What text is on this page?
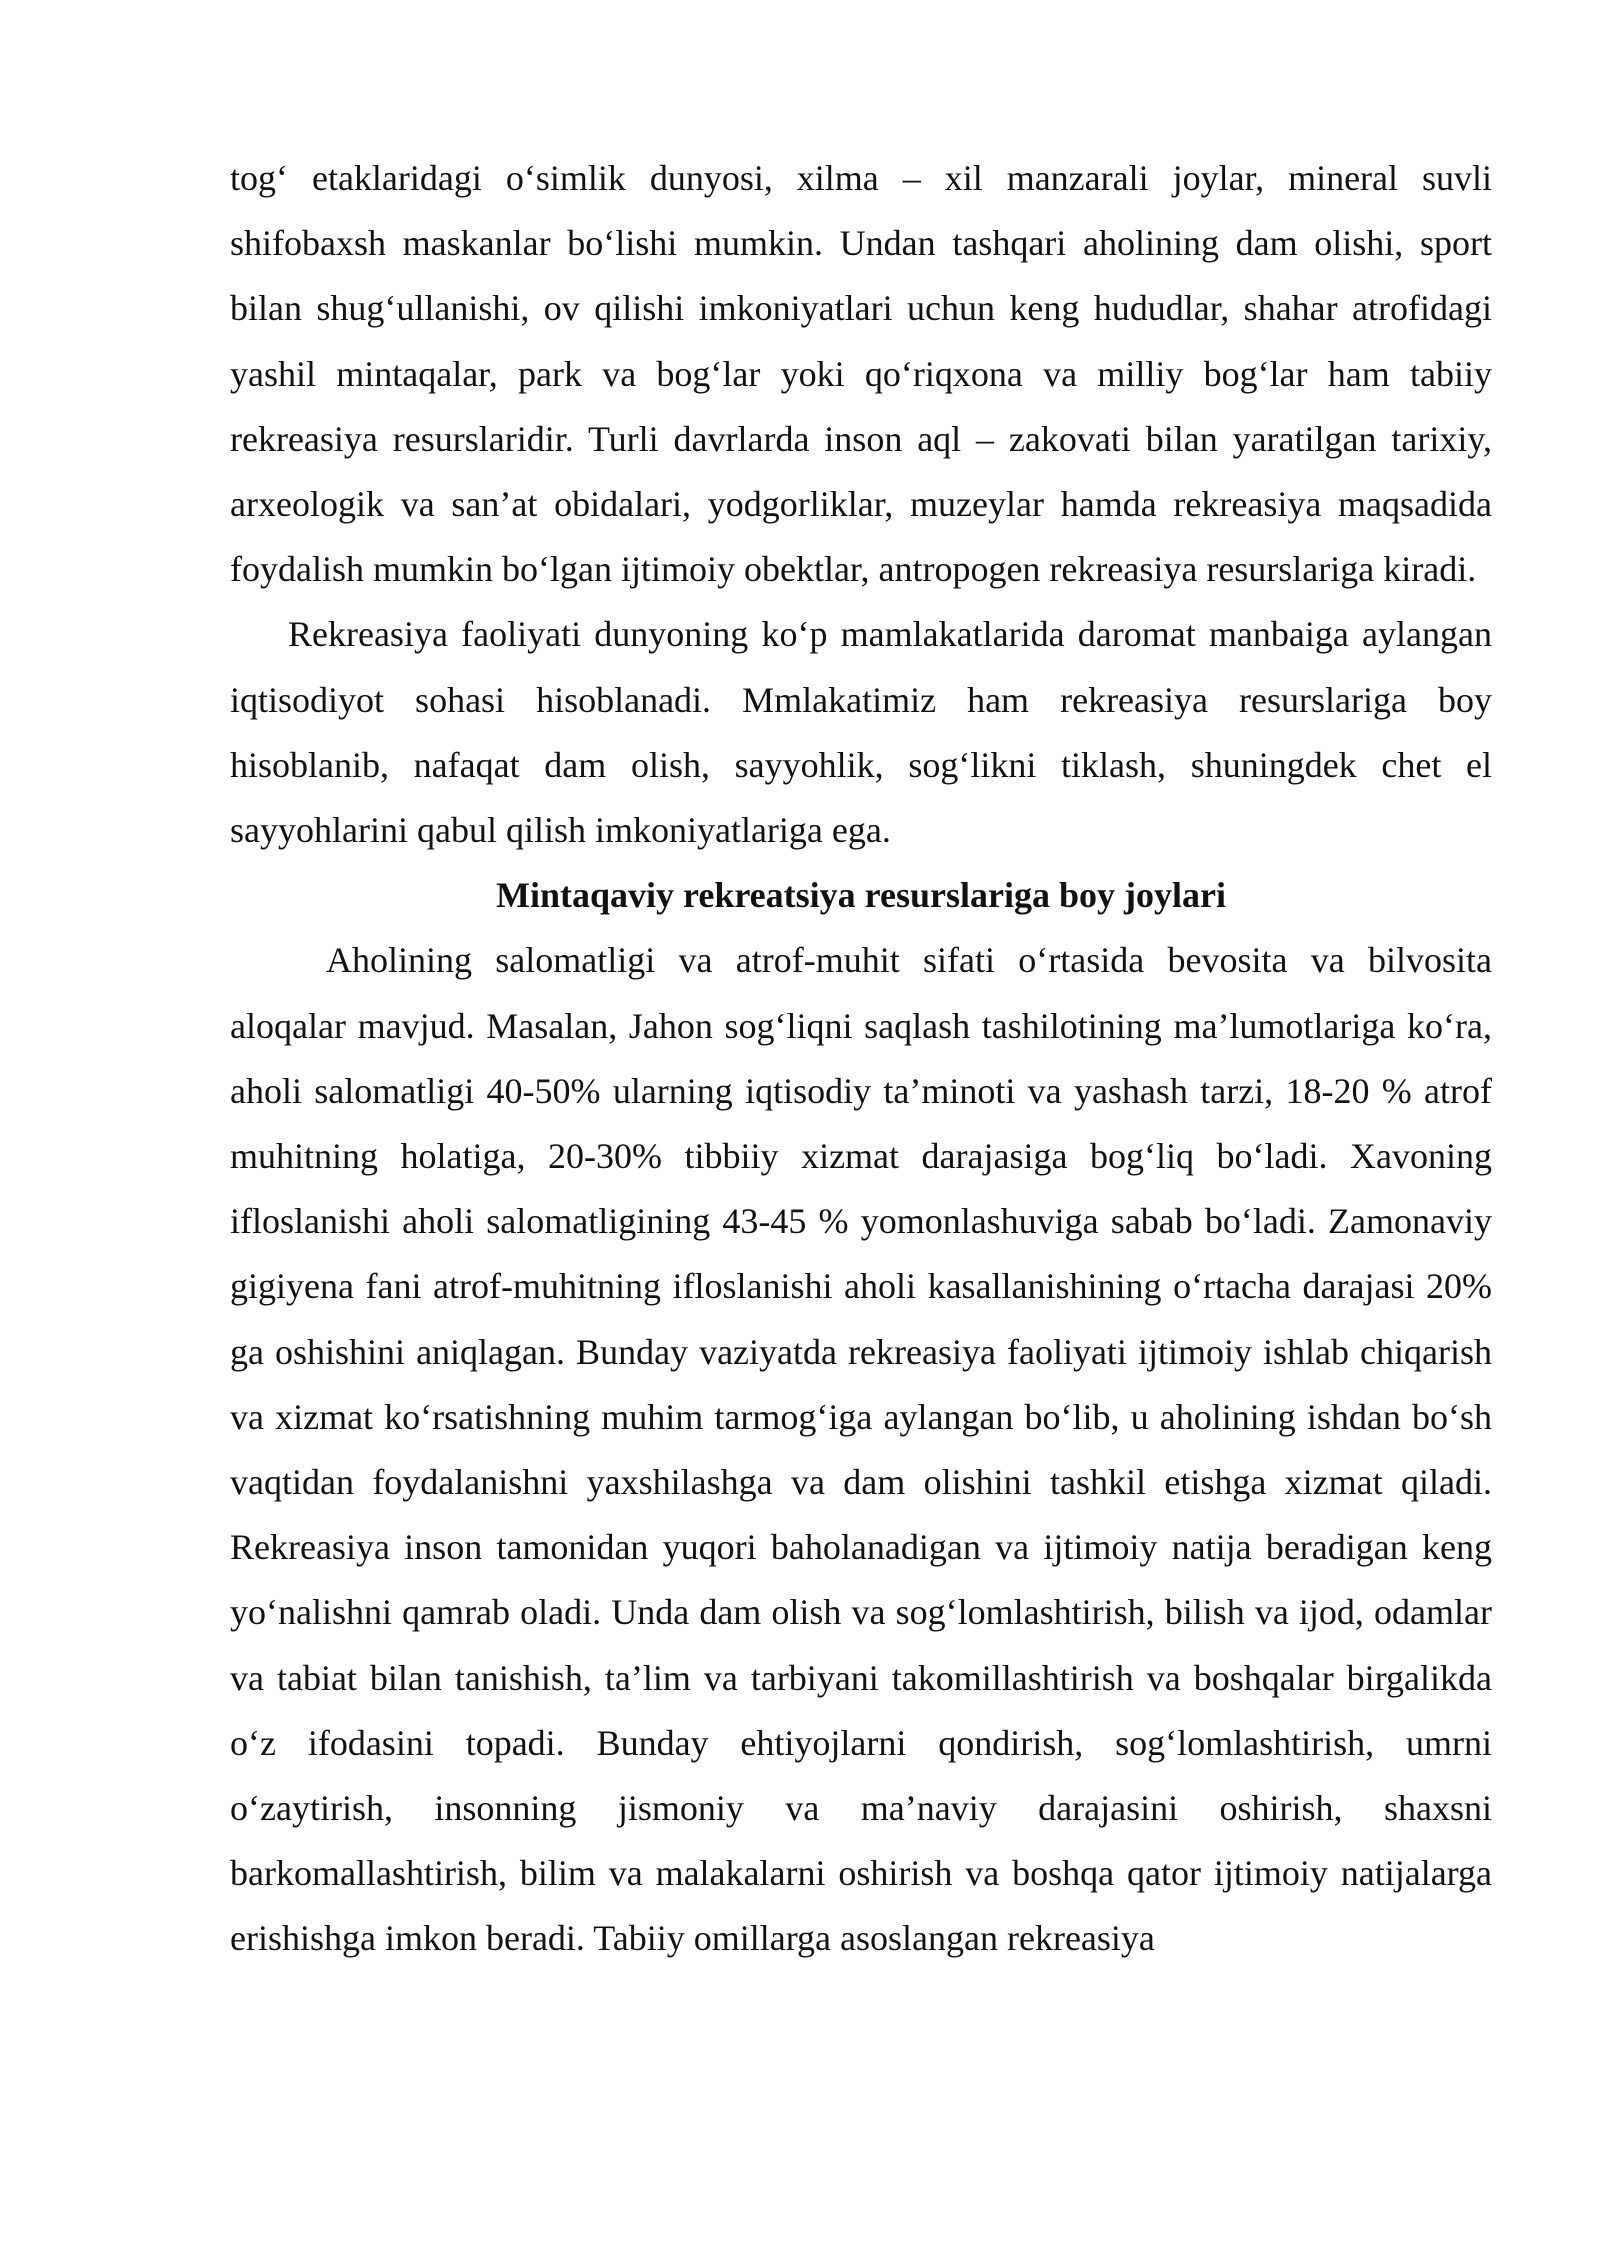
tog‘ etaklaridagi o‘simlik dunyosi, xilma – xil manzarali joylar, mineral suvli shifobaxsh maskanlar bo‘lishi mumkin. Undan tashqari aholining dam olishi, sport bilan shug‘ullanishi, ov qilishi imkoniyatlari uchun keng hududlar, shahar atrofidagi yashil mintaqalar, park va bog‘lar yoki qo‘riqxona va milliy bog‘lar ham tabiiy rekreasiya resurslaridir. Turli davrlarda inson aql – zakovati bilan yaratilgan tarixiy, arxeologik va san’at obidalari, yodgorliklar, muzeylar hamda rekreasiya maqsadida foydalish mumkin bo‘lgan ijtimoiy obektlar, antropogen rekreasiya resurslariga kiradi.

Rekreasiya faoliyati dunyoning ko‘p mamlakatlarida daromat manbaiga aylangan iqtisodiyot sohasi hisoblanadi. Mmlakatimiz ham rekreasiya resurslariga boy hisoblanib, nafaqat dam olish, sayyohlik, sog‘likni tiklash, shuningdek chet el sayyohlarini qabul qilish imkoniyatlariga ega.

Mintaqaviy rekreatsiya resurslariga boy joylari

Aholining salomatligi va atrof-muhit sifati o‘rtasida bevosita va bilvosita aloqalar mavjud. Masalan, Jahon sog‘liqni saqlash tashilotining ma’lumotlariga ko‘ra, aholi salomatligi 40-50% ularning iqtisodiy ta’minoti va yashash tarzi, 18-20 % atrof muhitning holatiga, 20-30% tibbiiy xizmat darajasiga bog‘liq bo‘ladi. Xavoning ifloslanishi aholi salomatligining 43-45 % yomonlashuviga sabab bo‘ladi. Zamonaviy gigiyena fani atrof-muhitning ifloslanishi aholi kasallanishining o‘rtacha darajasi 20% ga oshishini aniqlagan. Bunday vaziyatda rekreasiya faoliyati ijtimoiy ishlab chiqarish va xizmat ko‘rsatishning muhim tarmog‘iga aylangan bo‘lib, u aholining ishdan bo‘sh vaqtidan foydalanishni yaxshilashga va dam olishini tashkil etishga xizmat qiladi. Rekreasiya inson tamonidan yuqori baholanadigan va ijtimoiy natija beradigan keng yo‘nalishni qamrab oladi. Unda dam olish va sog‘lomlashtirish, bilish va ijod, odamlar va tabiat bilan tanishish, ta’lim va tarbiyani takomillashtirish va boshqalar birgalikda o‘z ifodasini topadi. Bunday ehtiyojlarni qondirish, sog‘lomlashtirish, umrni o‘zaytirish, insonning jismoniy va ma’naviy darajasini oshirish, shaxsni barkomallashtirish, bilim va malakalarni oshirish va boshqa qator ijtimoiy natijalarga erishishga imkon beradi. Tabiiy omillarga asoslangan rekreasiya
